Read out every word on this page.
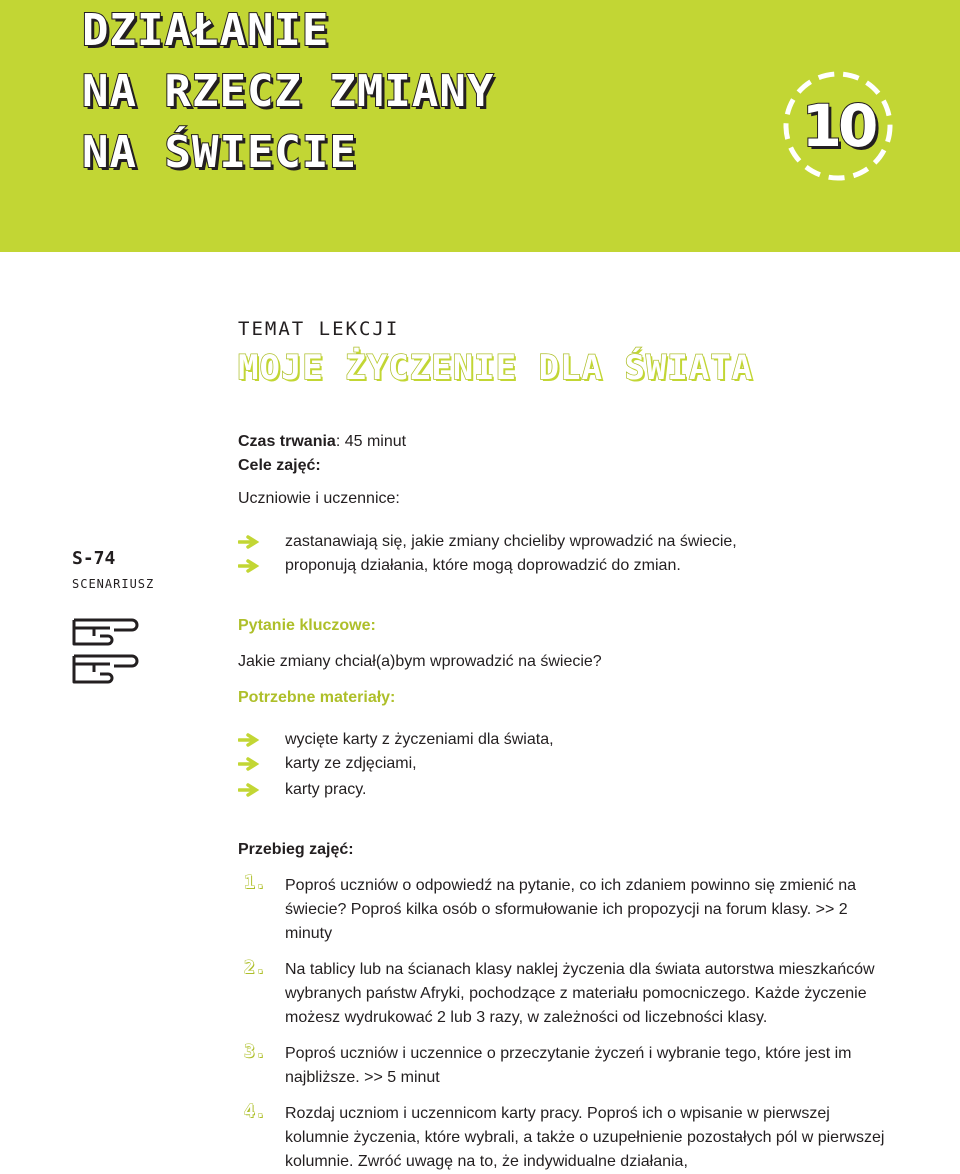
DZIAŁANIE
NA RZECZ ZMIANY
NA ŚWIECIE	10
S-74
SCENARIUSZ
TEMAT LEKCJI
MOJE ŻYCZENIE DLA ŚWIATA
Czas trwania: 45 minut
Cele zajęć:
Uczniowie i uczennice:
zastanawiają się, jakie zmiany chcieliby wprowadzić na świecie,
proponują działania, które mogą doprowadzić do zmian.
Pytanie kluczowe:
Jakie zmiany chciał(a)bym wprowadzić na świecie?
Potrzebne materiały:
wycięte karty z życzeniami dla świata,
karty ze zdjęciami,
karty pracy.
Przebieg zajęć:
1. Poproś uczniów o odpowiedź na pytanie, co ich zdaniem powinno się zmienić na świecie? Poproś kilka osób o sformułowanie ich propozycji na forum klasy. >> 2 minuty
2. Na tablicy lub na ścianach klasy naklej życzenia dla świata autorstwa mieszkańców wybranych państw Afryki, pochodzące z materiału pomocniczego. Każde życzenie możesz wydrukować 2 lub 3 razy, w zależności od liczebności klasy.
3. Poproś uczniów i uczennice o przeczytanie życzeń i wybranie tego, które jest im najbliższe. >> 5 minut
4. Rozdaj uczniom i uczennicom karty pracy. Poproś ich o wpisanie w pierwszej kolumnie życzenia, które wybrali, a także o uzupełnienie pozostałych pól w pierwszej kolumnie. Zwróć uwagę na to, że indywidualne działania,
